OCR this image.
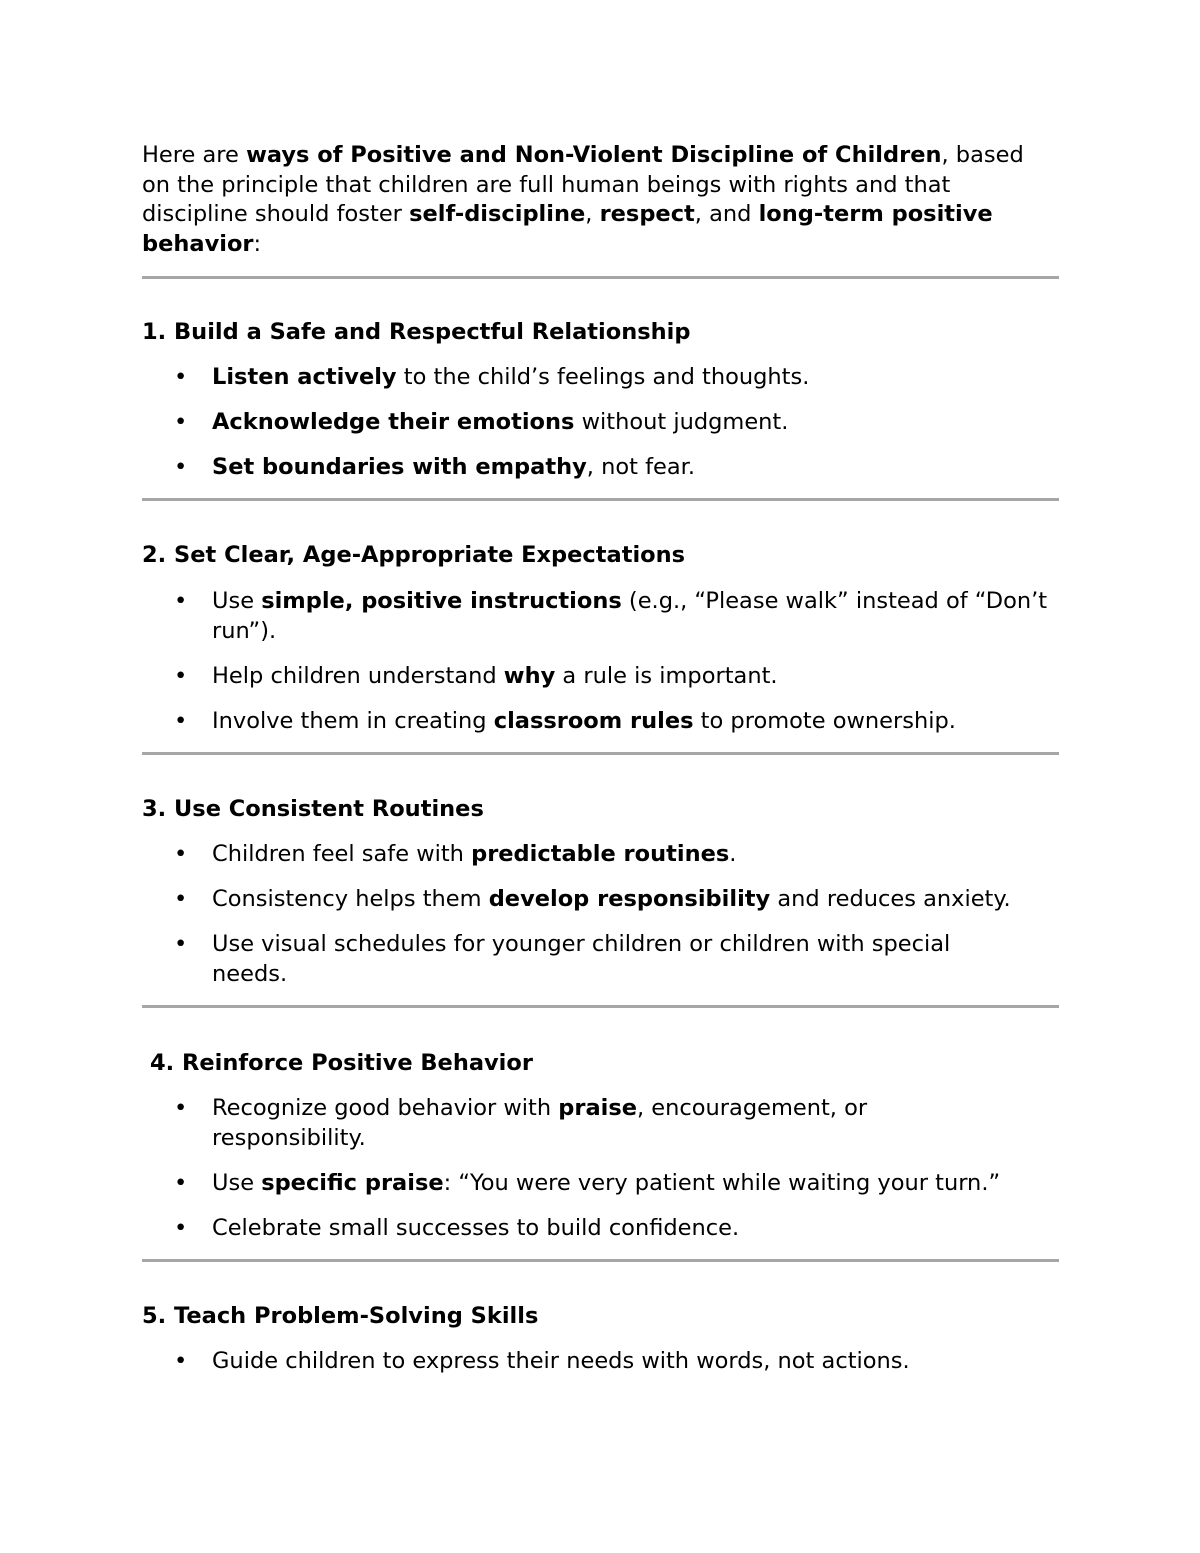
Here are ways of Positive and Non-Violent Discipline of Children, based on the principle that children are full human beings with rights and that discipline should foster self-discipline, respect, and long-term positive behavior:

1. Build a Safe and Respectful Relationship
• Listen actively to the child’s feelings and thoughts.
• Acknowledge their emotions without judgment.
• Set boundaries with empathy, not fear.
2. Set Clear, Age-Appropriate Expectations
• Use simple, positive instructions (e.g., “Please walk” instead of “Don’t run”).
• Help children understand why a rule is important.
• Involve them in creating classroom rules to promote ownership.
3. Use Consistent Routines
• Children feel safe with predictable routines.
• Consistency helps them develop responsibility and reduces anxiety.
• Use visual schedules for younger children or children with special needs.
4. Reinforce Positive Behavior
• Recognize good behavior with praise, encouragement, or responsibility.
• Use specific praise: “You were very patient while waiting your turn.”
• Celebrate small successes to build confidence.
5. Teach Problem-Solving Skills
• Guide children to express their needs with words, not actions.
